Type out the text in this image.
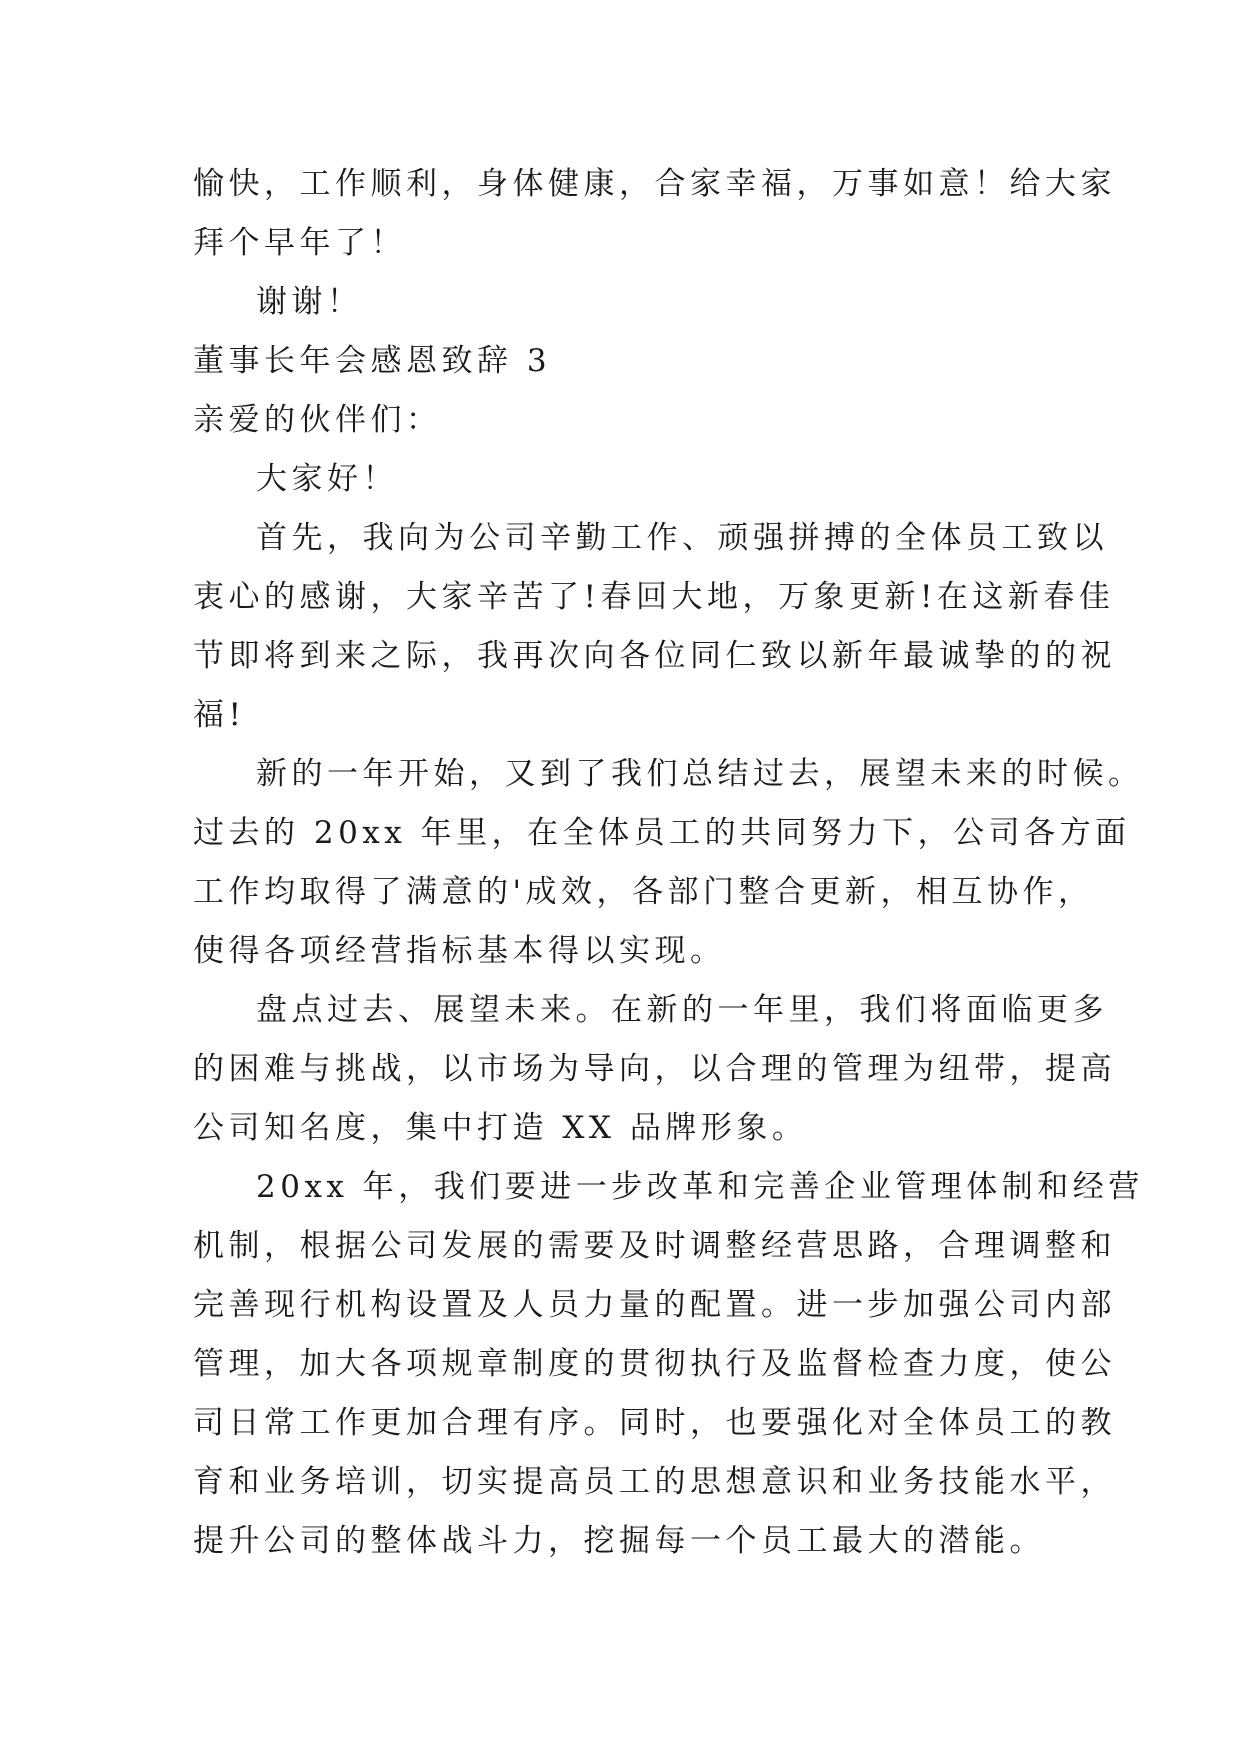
愉快，工作顺利，身体健康，合家幸福，万事如意！给大家
拜个早年了！
谢谢！
董事长年会感恩致辞 3
亲爱的伙伴们：
大家好！
首先，我向为公司辛勤工作、顽强拼搏的全体员工致以
衷心的感谢，大家辛苦了!春回大地，万象更新!在这新春佳
节即将到来之际，我再次向各位同仁致以新年最诚挚的的祝
福!
新的一年开始，又到了我们总结过去，展望未来的时候。
过去的 20xx 年里，在全体员工的共同努力下，公司各方面
工作均取得了满意的'成效，各部门整合更新，相互协作，
使得各项经营指标基本得以实现。
盘点过去、展望未来。在新的一年里，我们将面临更多
的困难与挑战，以市场为导向，以合理的管理为纽带，提高
公司知名度，集中打造 XX 品牌形象。
20xx 年，我们要进一步改革和完善企业管理体制和经营
机制，根据公司发展的需要及时调整经营思路，合理调整和
完善现行机构设置及人员力量的配置。进一步加强公司内部
管理，加大各项规章制度的贯彻执行及监督检查力度，使公
司日常工作更加合理有序。同时，也要强化对全体员工的教
育和业务培训，切实提高员工的思想意识和业务技能水平，
提升公司的整体战斗力，挖掘每一个员工最大的潜能。
